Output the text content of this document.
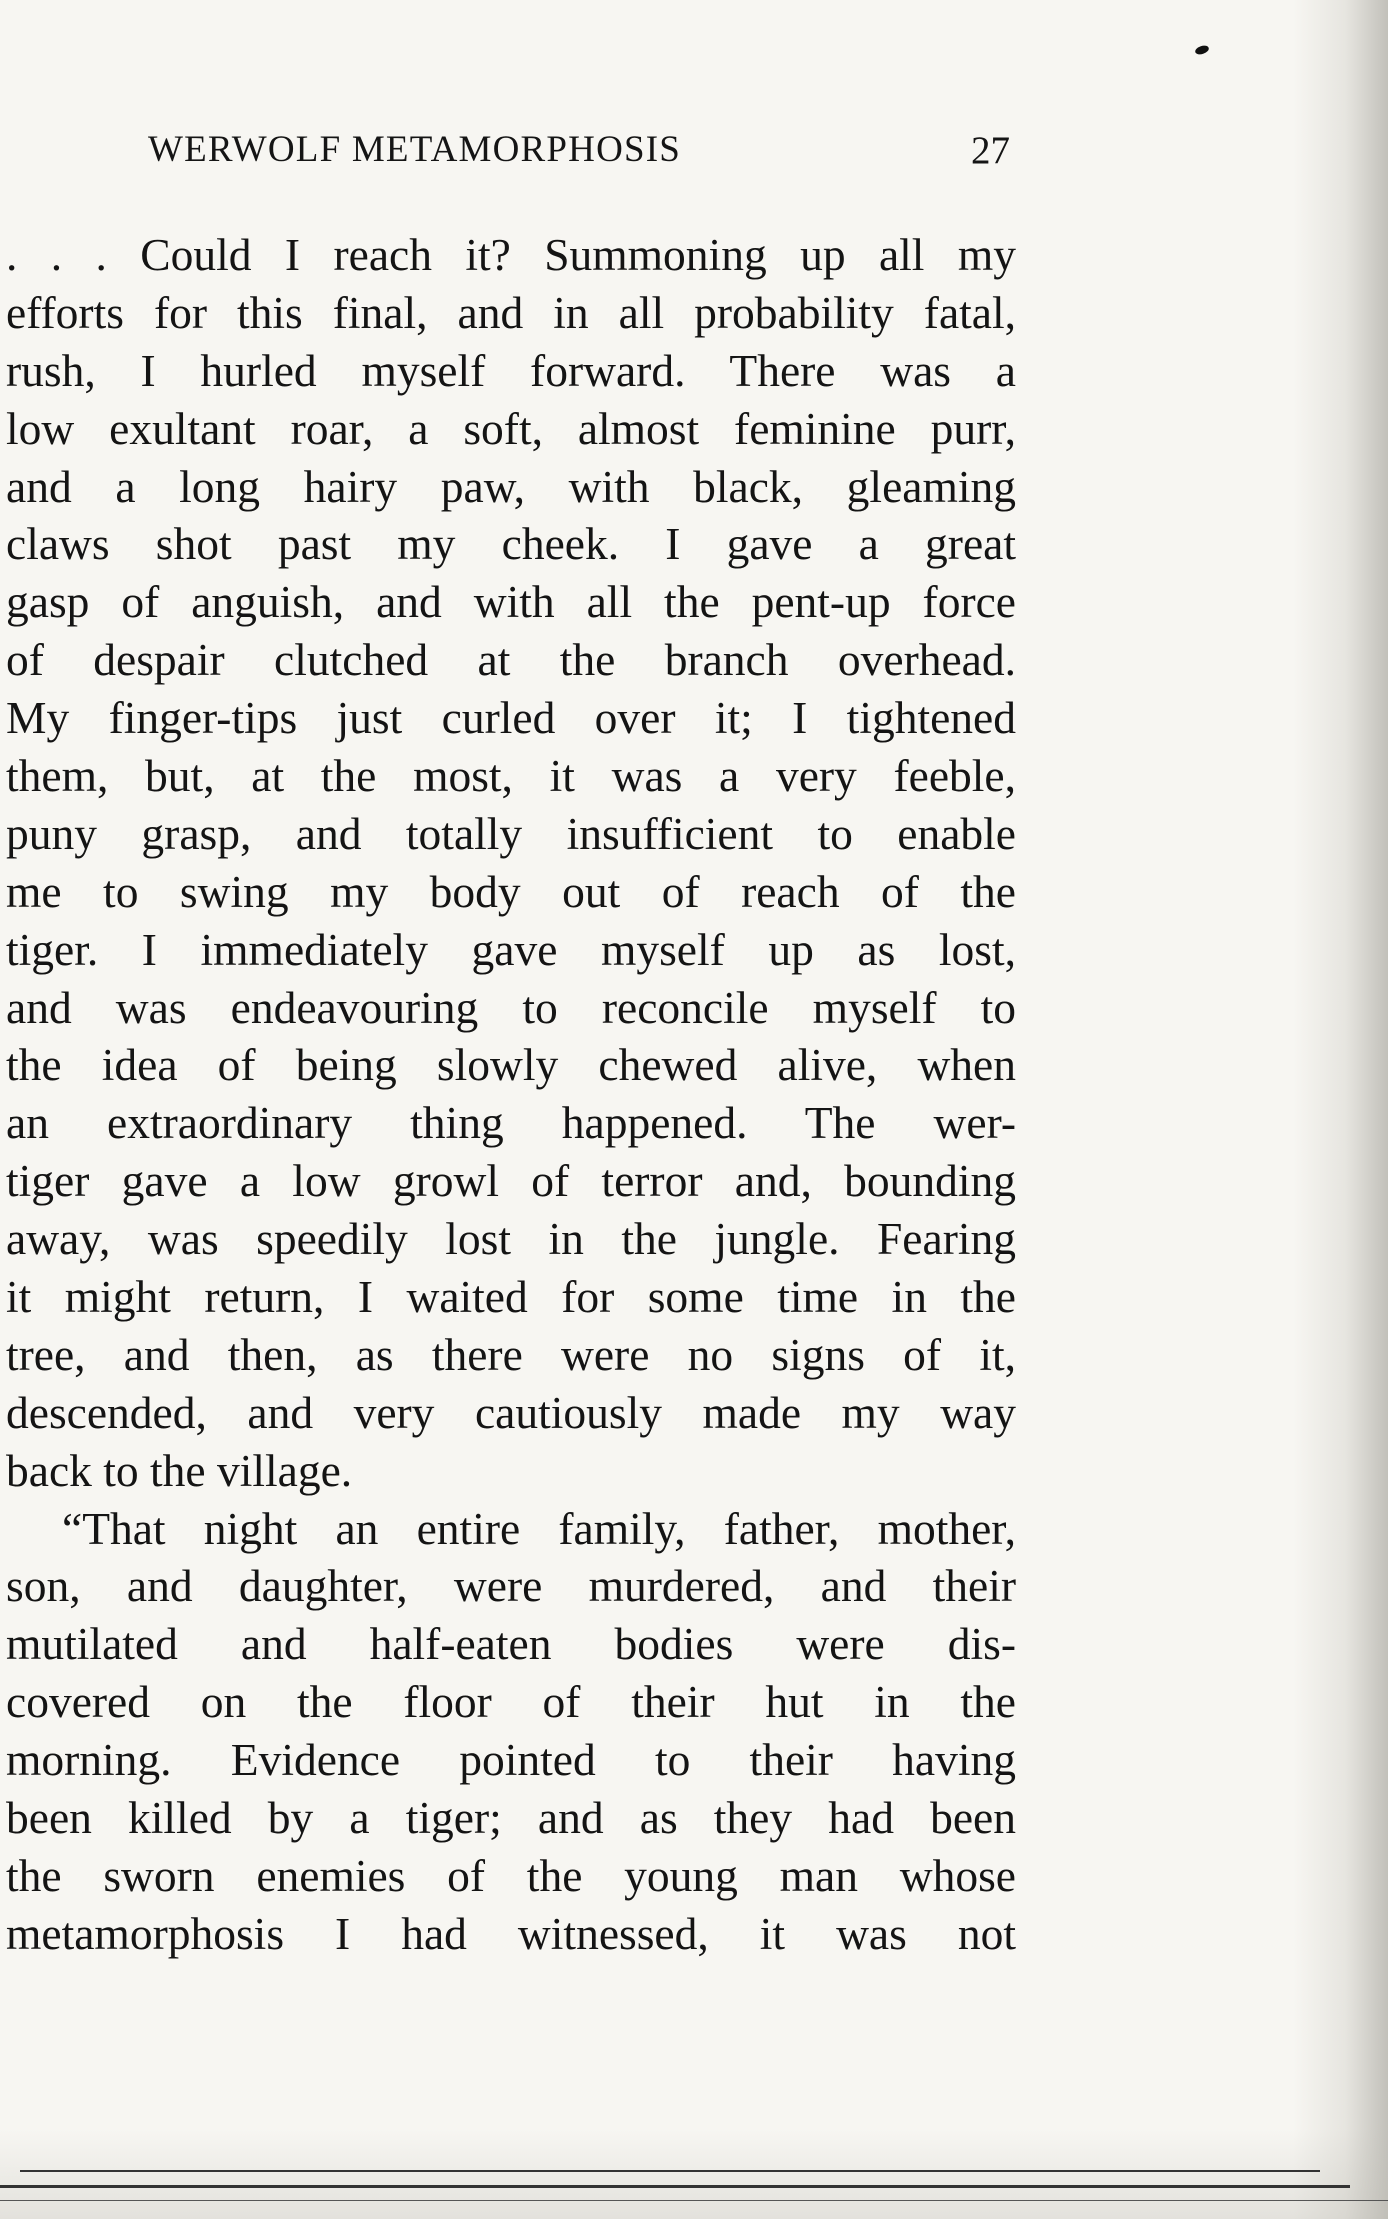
WERWOLF METAMORPHOSIS	27
. . . Could I reach it? Summoning up all my
efforts for this final, and in all probability fatal,
rush, I hurled myself forward. There was a
low exultant roar, a soft, almost feminine purr,
and a long hairy paw, with black, gleaming
claws shot past my cheek. I gave a great
gasp of anguish, and with all the pent-up force
of despair clutched at the branch overhead.
My finger-tips just curled over it; I tightened
them, but, at the most, it was a very feeble,
puny grasp, and totally insufficient to enable
me to swing my body out of reach of the
tiger. I immediately gave myself up as lost,
and was endeavouring to reconcile myself to
the idea of being slowly chewed alive, when
an extraordinary thing happened. The wer-
tiger gave a low growl of terror and, bounding
away, was speedily lost in the jungle. Fearing
it might return, I waited for some time in the
tree, and then, as there were no signs of it,
descended, and very cautiously made my way
back to the village.
“That night an entire family, father, mother,
son, and daughter, were murdered, and their
mutilated and half-eaten bodies were dis-
covered on the floor of their hut in the
morning. Evidence pointed to their having
been killed by a tiger; and as they had been
the sworn enemies of the young man whose
metamorphosis I had witnessed, it was not
